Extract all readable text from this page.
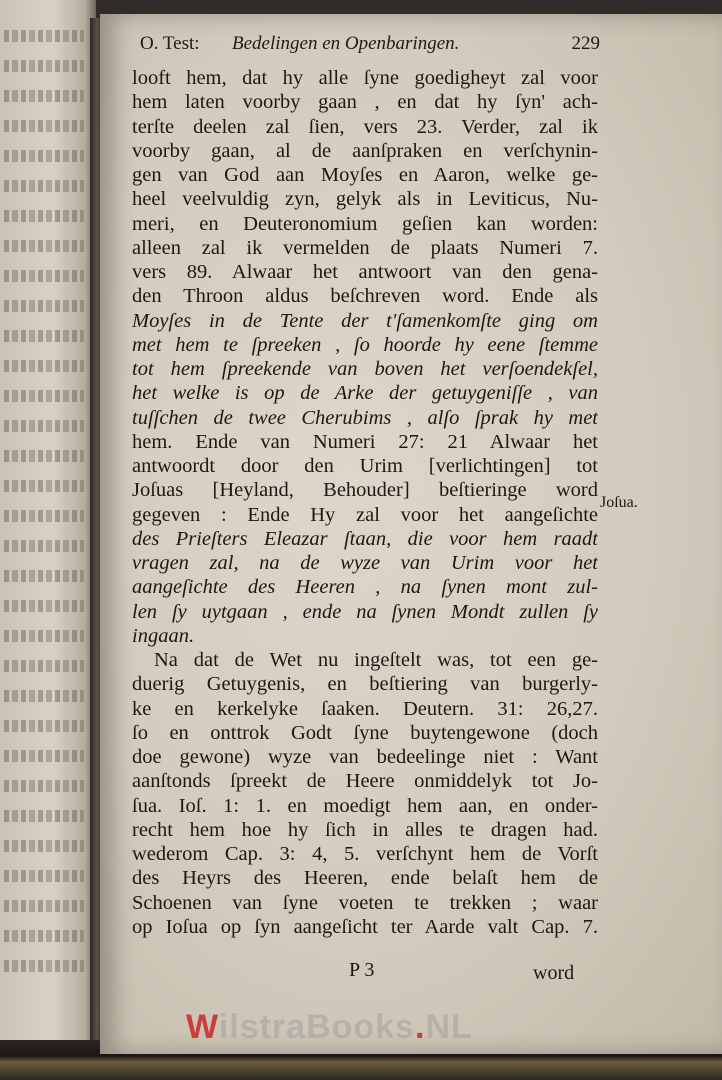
O. Test: Bedelingen en Openbaringen.	229
looft hem, dat hy alle ſyne goedigheyt zal voor
hem laten voorby gaan , en dat hy ſyn' ach-
terſte deelen zal ſien, vers 23. Verder, zal ik
voorby gaan, al de aanſpraken en verſchynin-
gen van God aan Moyſes en Aaron, welke ge-
heel veelvuldig zyn, gelyk als in Leviticus, Nu-
meri, en Deuteronomium geſien kan worden:
alleen zal ik vermelden de plaats Numeri 7.
vers 89. Alwaar het antwoort van den gena-
den Throon aldus beſchreven word. Ende als
Moyſes in de Tente der t'ſamenkomſte ging om
met hem te ſpreeken , ſo hoorde hy eene ſtemme
tot hem ſpreekende van boven het verſoendekſel,
het welke is op de Arke der getuygeniſſe , van
tuſſchen de twee Cherubims , alſo ſprak hy met
hem. Ende van Numeri 27: 21 Alwaar het
antwoordt door den Urim [verlichtingen] tot
Joſuas [Heyland, Behouder] beſtieringe word
gegeven : Ende Hy zal voor het aangeſichte
des Prieſters Eleazar ſtaan, die voor hem raadt
vragen zal, na de wyze van Urim voor het
aangeſichte des Heeren , na ſynen mont zul-
len ſy uytgaan , ende na ſynen Mondt zullen ſy
ingaan.
Na dat de Wet nu ingeſtelt was, tot een ge-
duerig Getuygenis, en beſtiering van burgerly-
ke en kerkelyke ſaaken. Deutern. 31: 26,27.
ſo en onttrok Godt ſyne buytengewone (doch
doe gewone) wyze van bedeelinge niet : Want
aanſtonds ſpreekt de Heere onmiddelyk tot Jo-
ſua. Ioſ. 1: 1. en moedigt hem aan, en onder-
recht hem hoe hy ſich in alles te dragen had.
wederom Cap. 3: 4, 5. verſchynt hem de Vorſt
des Heyrs des Heeren, ende belaſt hem de
Schoenen van ſyne voeten te trekken ; waar
op Ioſua op ſyn aangeſicht ter Aarde valt Cap. 7.
Joſua.
P 3	word
WilstraBooks.NL
